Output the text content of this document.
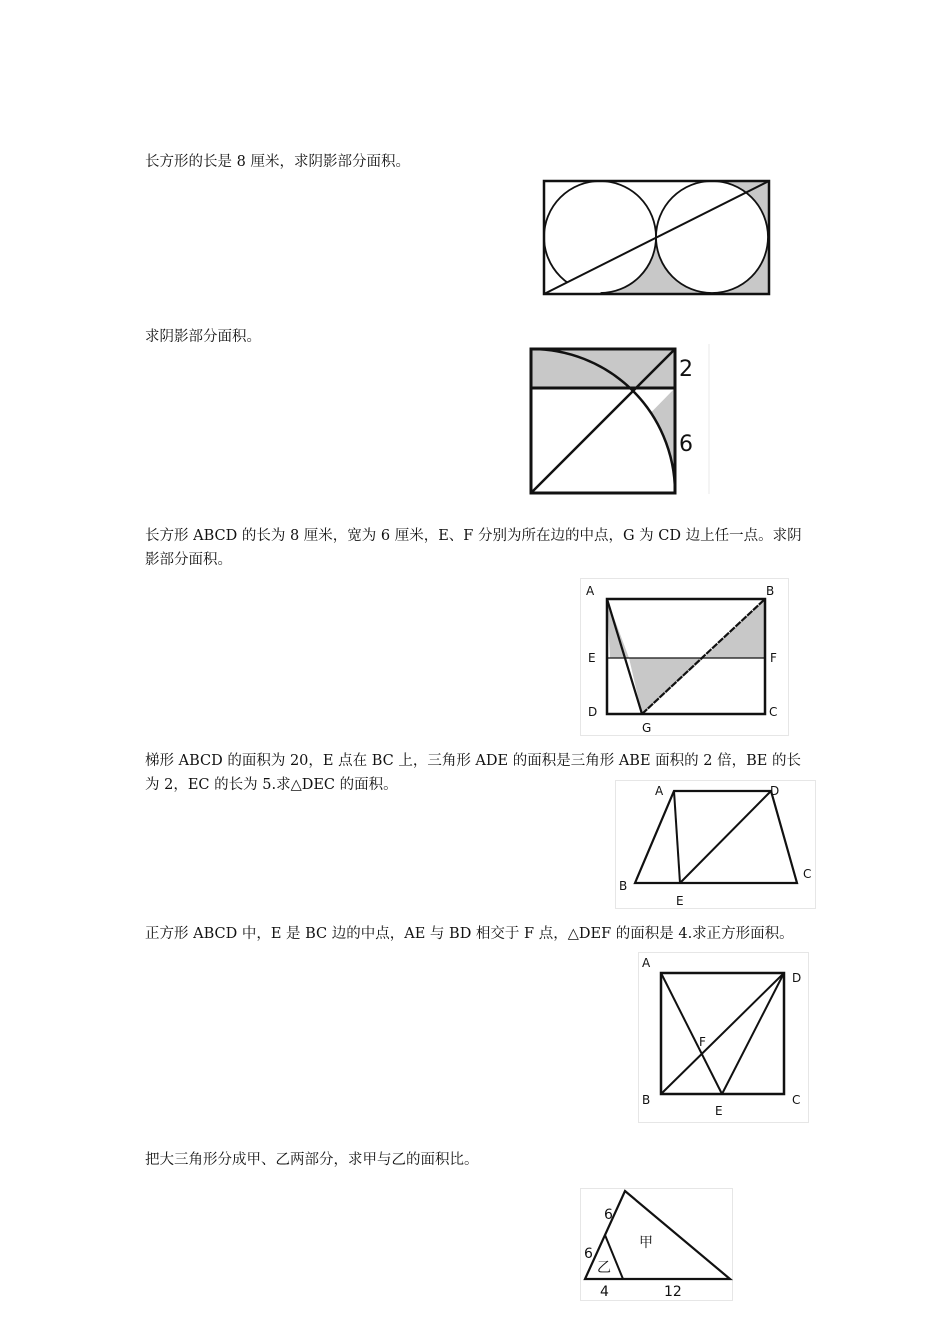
长方形的长是 8 厘米，求阴影部分面积。

求阴影部分面积。

2
6

长方形 ABCD 的长为 8 厘米，宽为 6 厘米，E、F 分别为所在边的中点，G 为 CD 边上任一点。求阴影部分面积。

A	B
E	F
D
G
C

梯形 ABCD 的面积为 20，E 点在 BC 上，三角形 ADE 的面积是三角形 ABE 面积的 2 倍，BE 的长为 2，EC 的长为 5.求△DEC 的面积。	A	D
B
E
C

正方形 ABCD 中，E 是 BC 边的中点，AE 与 BD 相交于 F 点，△DEF 的面积是 4.求正方形面积。

A
D
F
B
E
C

把大三角形分成甲、乙两部分，求甲与乙的面积比。

6
6
甲
乙
4	12
